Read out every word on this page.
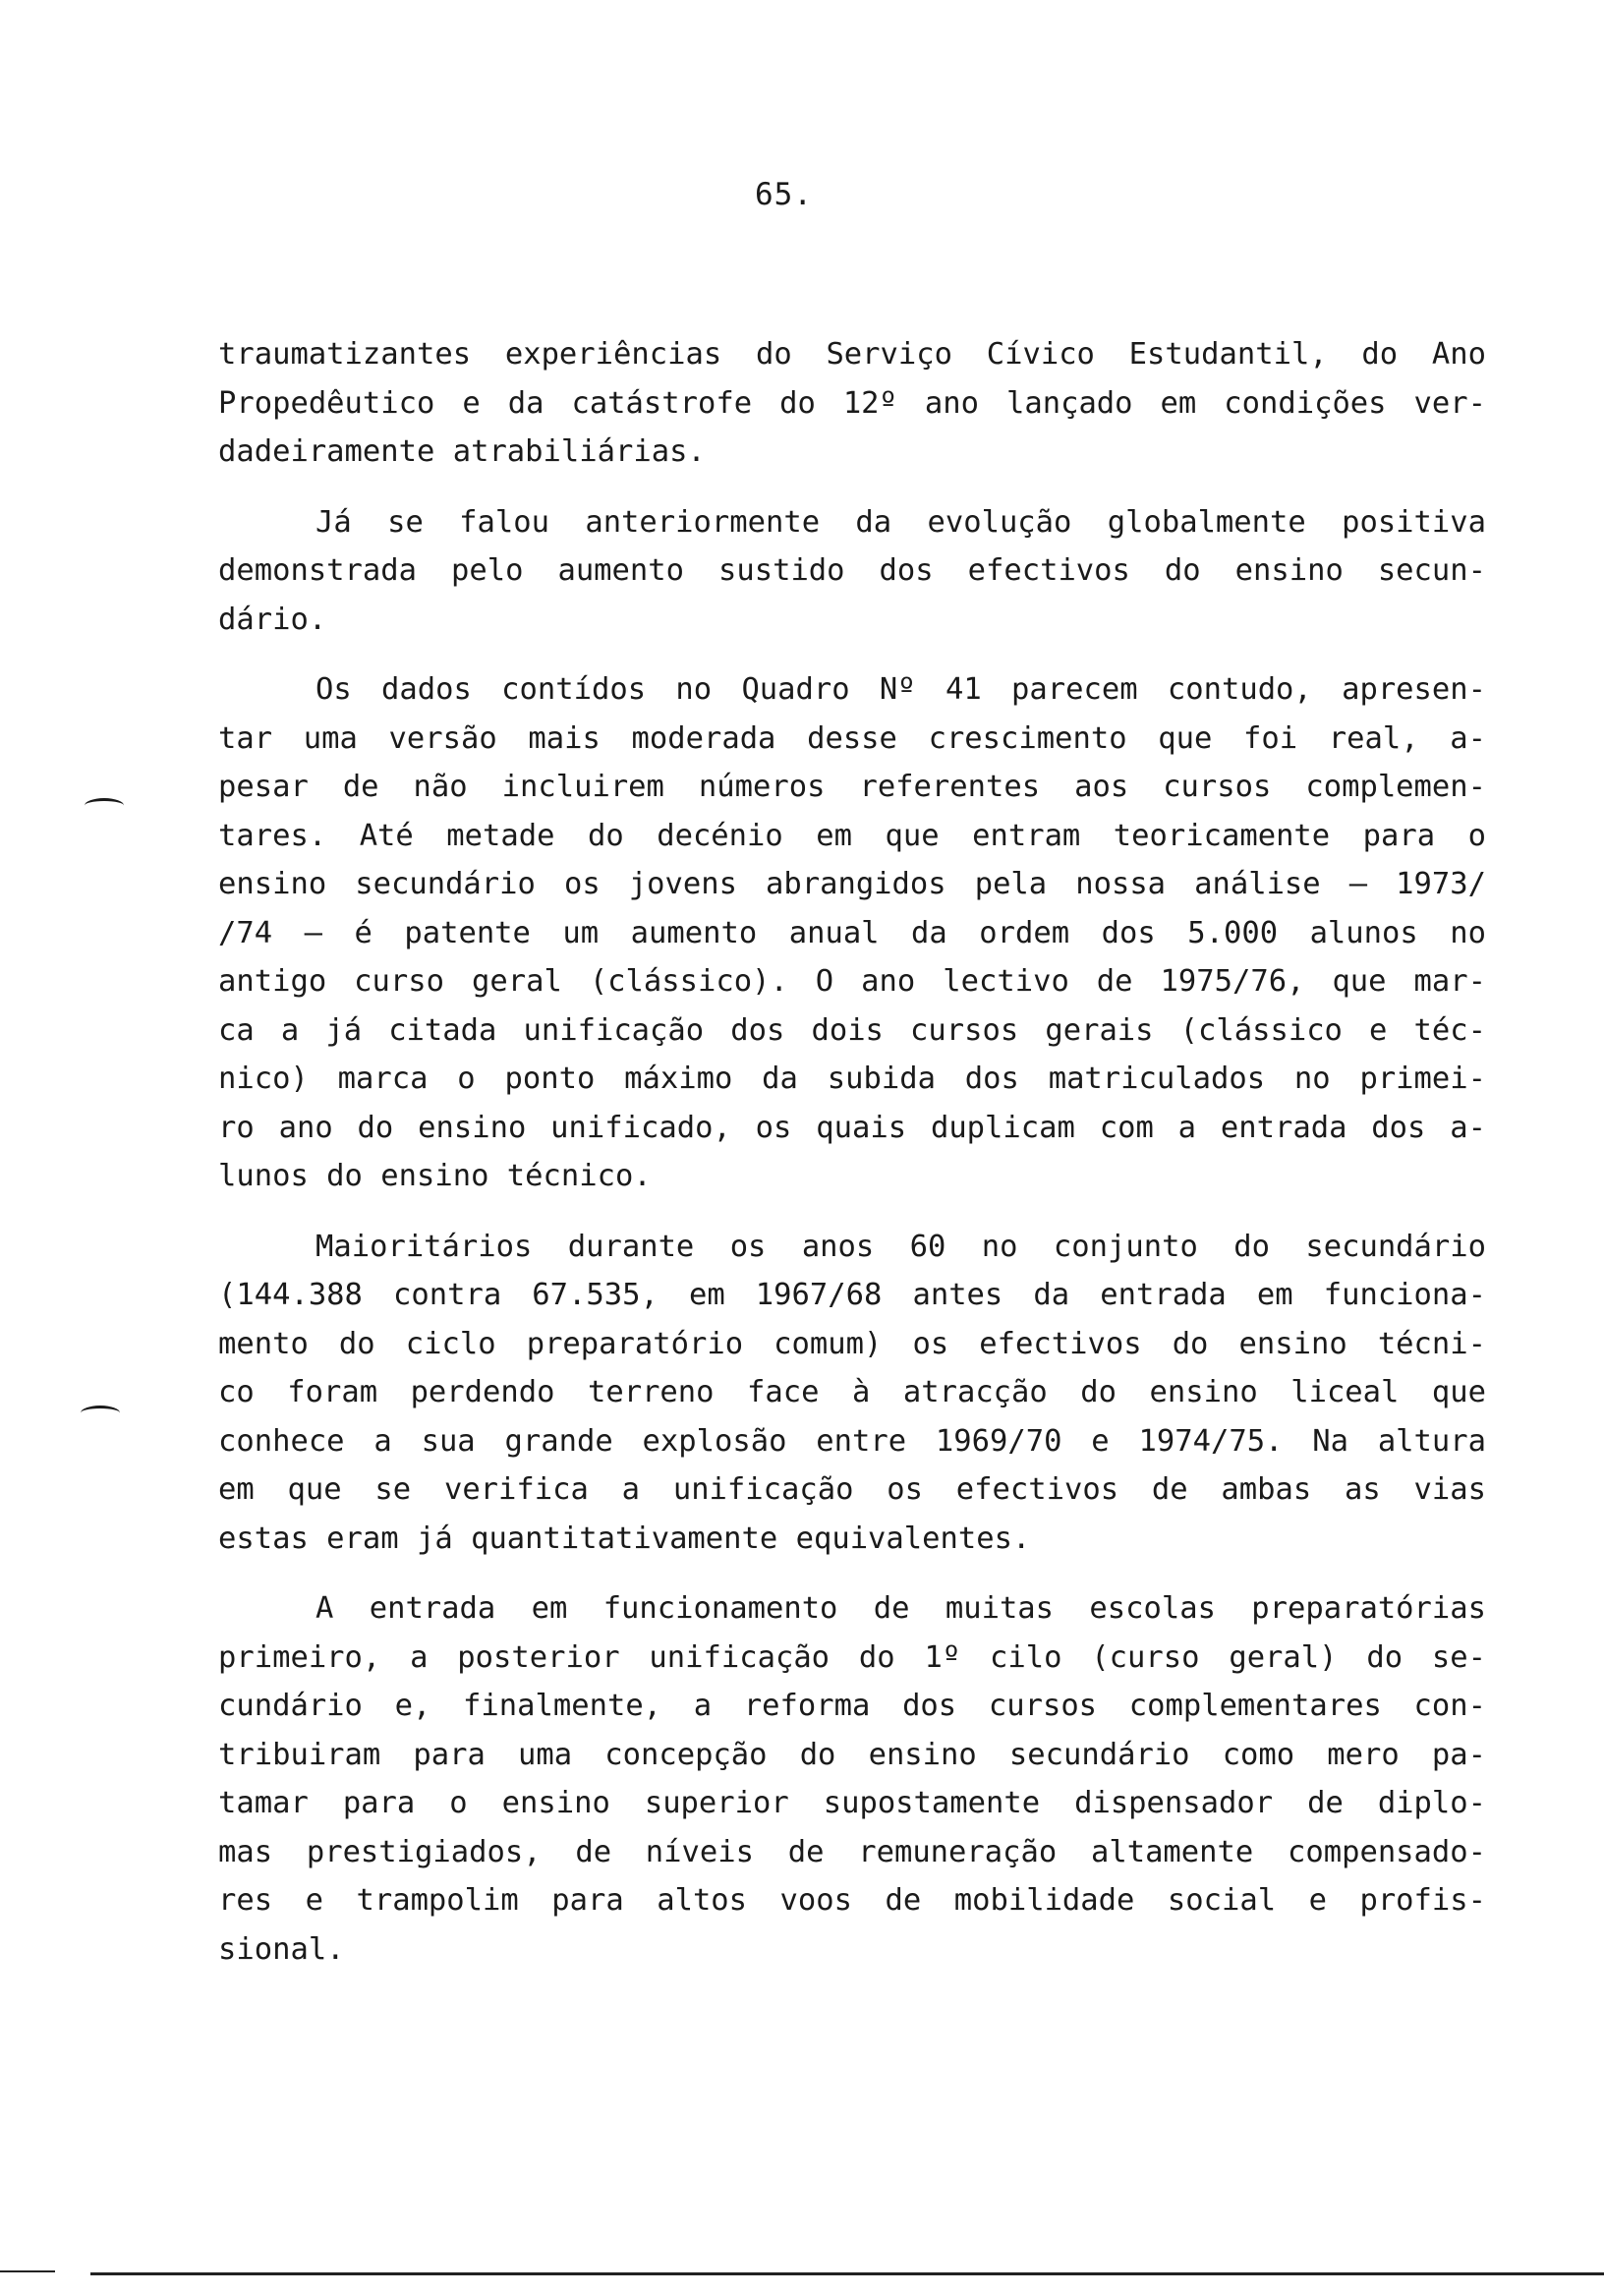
65.
traumatizantes experiências do Serviço Cívico Estudantil, do Ano
Propedêutico e da catástrofe do 12º ano lançado em condições ver-
dadeiramente atrabiliárias.
Já se falou anteriormente da evolução globalmente positiva
demonstrada pelo aumento sustido dos efectivos do ensino secun-
dário.
Os dados contídos no Quadro Nº 41 parecem contudo, apresen-
tar uma versão mais moderada desse crescimento que foi real, a-
pesar de não incluirem números referentes aos cursos complemen-
tares. Até metade do decénio em que entram teoricamente para o
ensino secundário os jovens abrangidos pela nossa análise — 1973/
/74 — é patente um aumento anual da ordem dos 5.000 alunos no
antigo curso geral (clássico). O ano lectivo de 1975/76, que mar-
ca a já citada unificação dos dois cursos gerais (clássico e téc-
nico) marca o ponto máximo da subida dos matriculados no primei-
ro ano do ensino unificado, os quais duplicam com a entrada dos a-
lunos do ensino técnico.
Maioritários durante os anos 60 no conjunto do secundário
(144.388 contra 67.535, em 1967/68 antes da entrada em funciona-
mento do ciclo preparatório comum) os efectivos do ensino técni-
co foram perdendo terreno face à atracção do ensino liceal que
conhece a sua grande explosão entre 1969/70 e 1974/75. Na altura
em que se verifica a unificação os efectivos de ambas as vias
estas eram já quantitativamente equivalentes.
A entrada em funcionamento de muitas escolas preparatórias
primeiro, a posterior unificação do 1º cilo (curso geral) do se-
cundário e, finalmente, a reforma dos cursos complementares con-
tribuiram para uma concepção do ensino secundário como mero pa-
tamar para o ensino superior supostamente dispensador de diplo-
mas prestigiados, de níveis de remuneração altamente compensado-
res e trampolim para altos voos de mobilidade social e profis-
sional.
